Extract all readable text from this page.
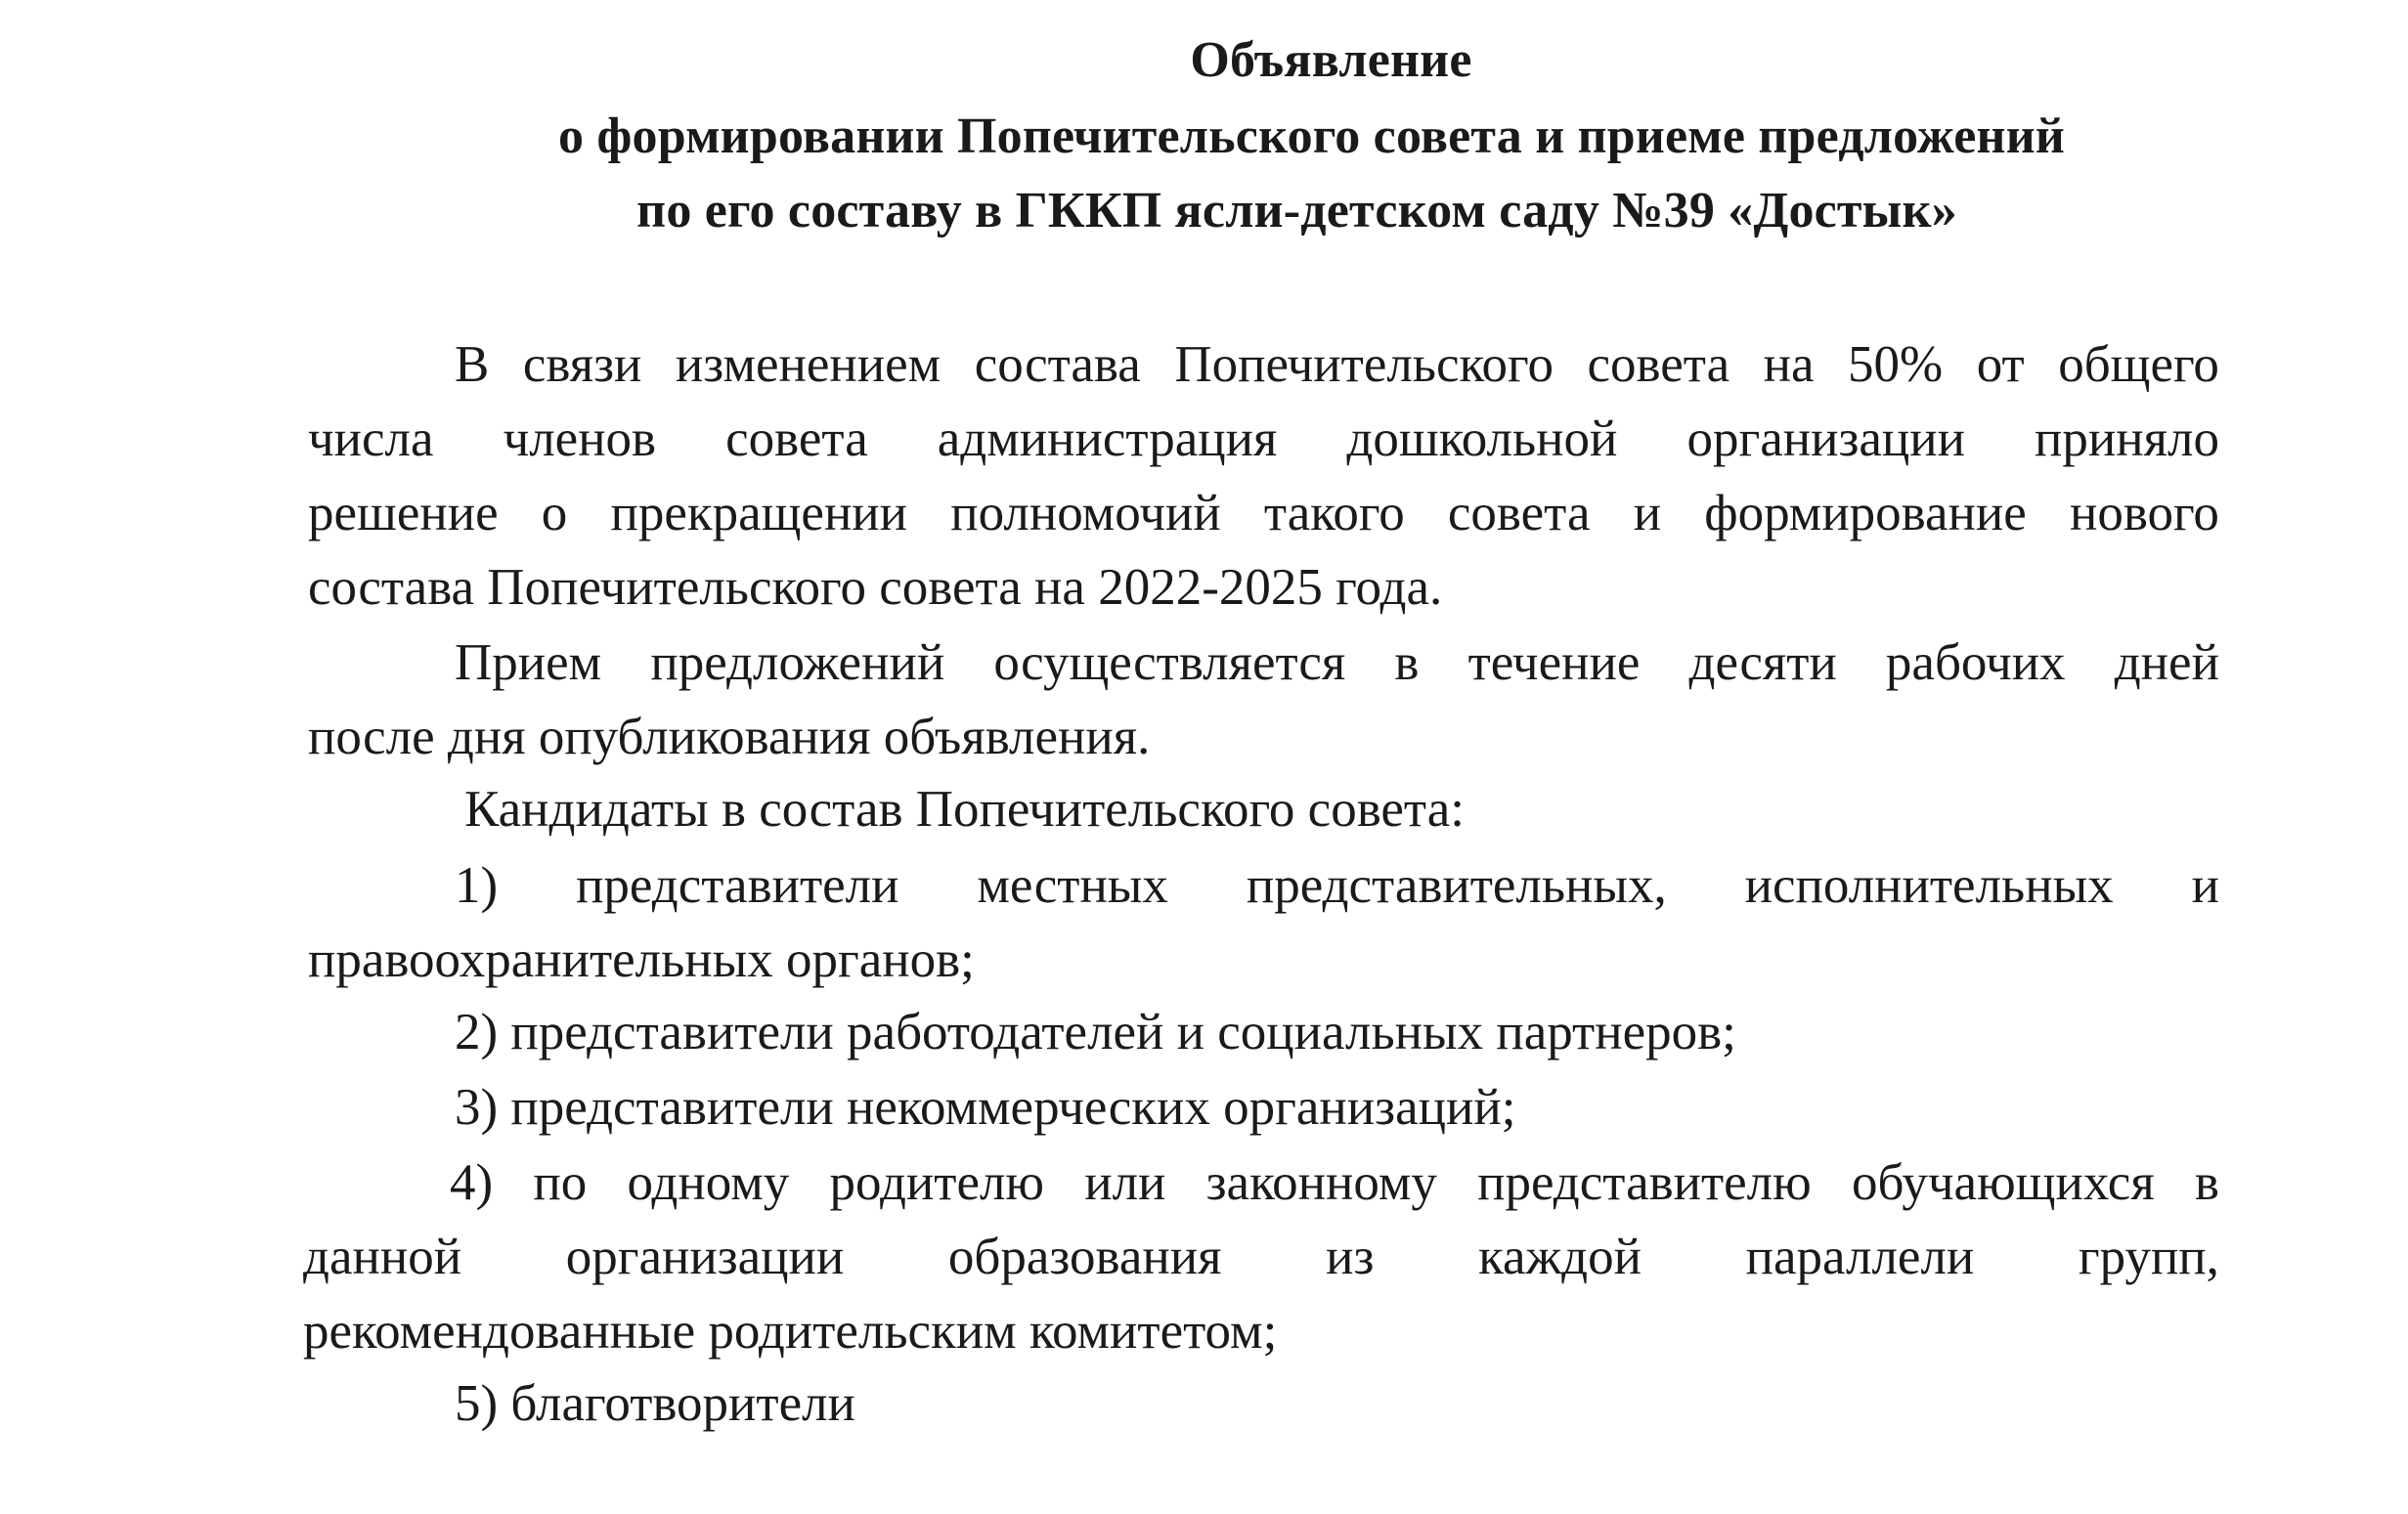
Объявление
о формировании Попечительского совета и приеме предложений
по его составу в ГККП ясли-детском саду №39 «Достык»
В связи изменением состава Попечительского совета на 50% от общего
числа членов совета администрация дошкольной организации приняло
решение о прекращении полномочий такого совета и формирование нового
состава Попечительского совета на 2022-2025 года.
Прием предложений осуществляется в течение десяти рабочих дней
после дня опубликования объявления.
Кандидаты в состав Попечительского совета:
1) представители местных представительных, исполнительных и
правоохранительных органов;
2) представители работодателей и социальных партнеров;
3) представители некоммерческих организаций;
4) по одному родителю или законному представителю обучающихся в
данной организации образования из каждой параллели групп,
рекомендованные родительским комитетом;
5) благотворители
